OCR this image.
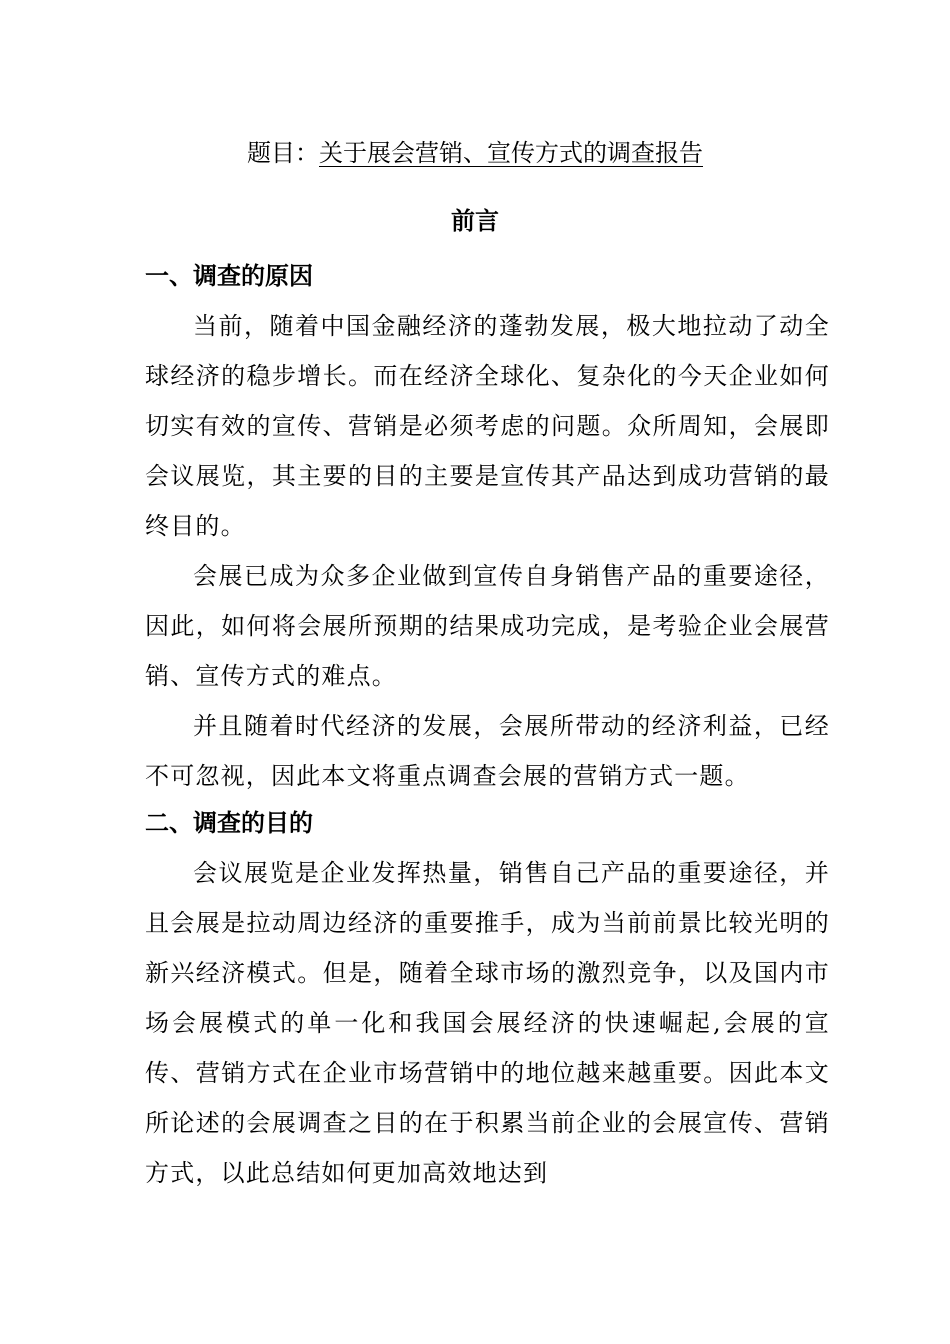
题目：关于展会营销、宣传方式的调查报告
前言
一、调查的原因

当前，随着中国金融经济的蓬勃发展，极大地拉动了动全球经济的稳步增长。而在经济全球化、复杂化的今天企业如何切实有效的宣传、营销是必须考虑的问题。众所周知，会展即会议展览，其主要的目的主要是宣传其产品达到成功营销的最终目的。

会展已成为众多企业做到宣传自身销售产品的重要途径，因此，如何将会展所预期的结果成功完成，是考验企业会展营销、宣传方式的难点。

并且随着时代经济的发展，会展所带动的经济利益，已经不可忽视，因此本文将重点调查会展的营销方式一题。

二、调查的目的

会议展览是企业发挥热量，销售自己产品的重要途径，并且会展是拉动周边经济的重要推手，成为当前前景比较光明的新兴经济模式。但是，随着全球市场的激烈竞争，以及国内市场会展模式的单一化和我国会展经济的快速崛起,会展的宣传、营销方式在企业市场营销中的地位越来越重要。因此本文所论述的会展调查之目的在于积累当前企业的会展宣传、营销方式，以此总结如何更加高效地达到
